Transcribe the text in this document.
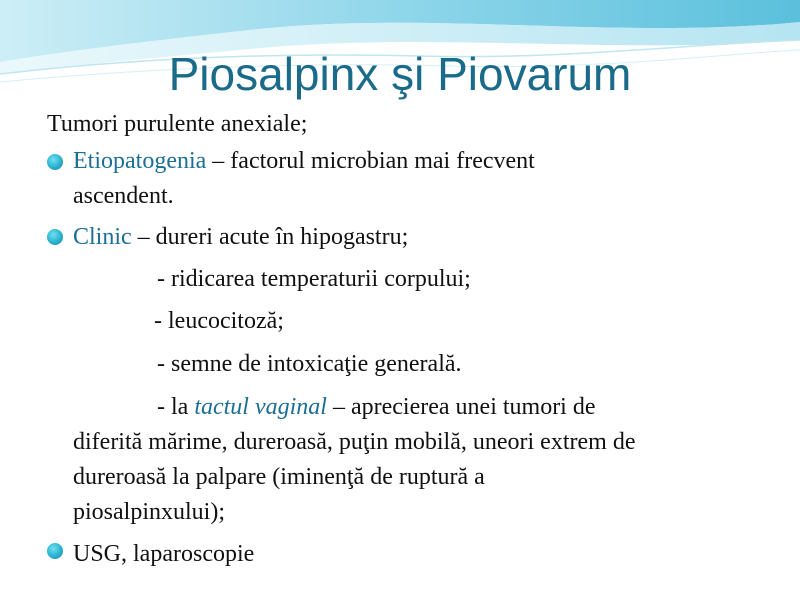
Piosalpinx şi Piovarum
Tumori purulente anexiale;
Etiopatogenia – factorul microbian mai frecvent
ascendent.
Clinic – dureri acute în hipogastru;
- ridicarea temperaturii corpului;
- leucocitoză;
- semne de intoxicaţie generală.
- la tactul vaginal – aprecierea unei tumori de
diferită mărime, dureroasă, puţin mobilă, uneori extrem de
dureroasă la palpare (iminenţă de ruptură a
piosalpinxului);
USG, laparoscopie
